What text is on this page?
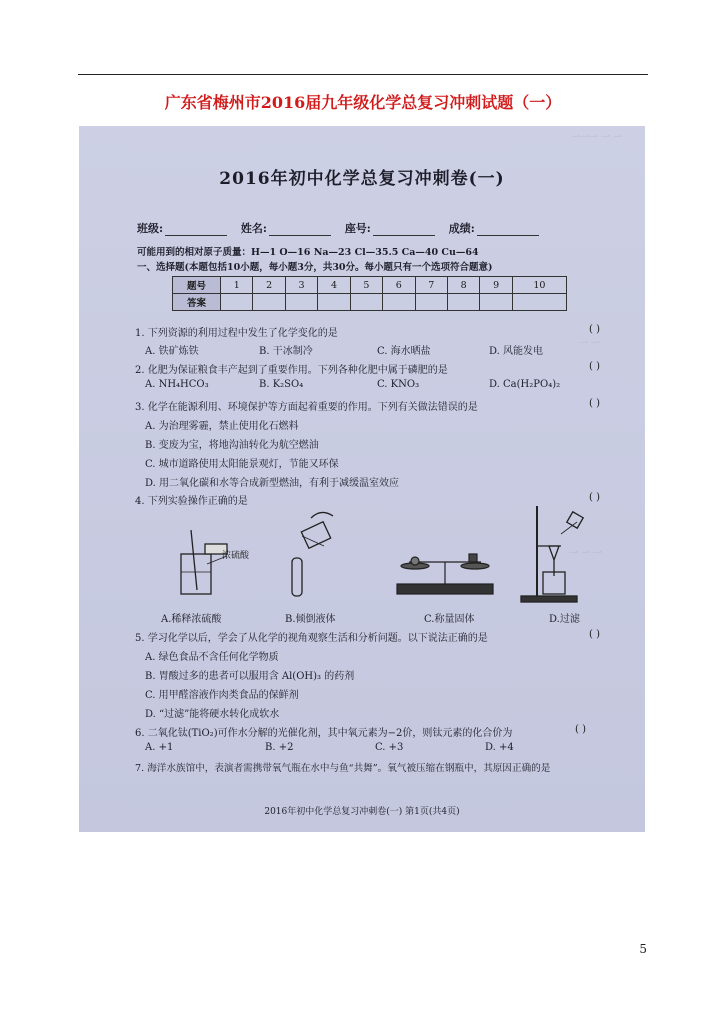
广东省梅州市2016届九年级化学总复习冲刺试题（一）
一一一 一 一
一 一
一 一 一
2016年初中化学总复习冲刺卷(一)
班级:	姓名:	座号:	成绩:
可能用到的相对原子质量：H—1 O—16 Na—23 Cl—35.5 Ca—40 Cu—64
一、选择题(本题包括10小题，每小题3分，共30分。每小题只有一个选项符合题意)
题号	1	2	3	4	5	6	7	8	9	10
答案										
1. 下列资源的利用过程中发生了化学变化的是	( )
A. 铁矿炼铁	B. 干冰制冷	C. 海水晒盐	D. 风能发电
2. 化肥为保证粮食丰产起到了重要作用。下列各种化肥中属于磷肥的是	( )
A. NH₄HCO₃	B. K₂SO₄	C. KNO₃	D. Ca(H₂PO₄)₂
3. 化学在能源利用、环境保护等方面起着重要的作用。下列有关做法错误的是	( )
A. 为治理雾霾，禁止使用化石燃料
B. 变废为宝，将地沟油转化为航空燃油
C. 城市道路使用太阳能景观灯，节能又环保
D. 用二氧化碳和水等合成新型燃油，有利于减缓温室效应
4. 下列实验操作正确的是	( )
浓硫酸
A.稀释浓硫酸	B.倾倒液体	C.称量固体	D.过滤
5. 学习化学以后，学会了从化学的视角观察生活和分析问题。以下说法正确的是	( )
A. 绿色食品不含任何化学物质
B. 胃酸过多的患者可以服用含 Al(OH)₃ 的药剂
C. 用甲醛溶液作肉类食品的保鲜剂
D. “过滤”能将硬水转化成软水
6. 二氧化钛(TiO₂)可作水分解的光催化剂，其中氧元素为−2价，则钛元素的化合价为	( )
A. +1	B. +2	C. +3	D. +4
7. 海洋水族馆中，表演者需携带氧气瓶在水中与鱼“共舞”。氧气被压缩在钢瓶中，其原因正确的是
2016年初中化学总复习冲刺卷(一) 第1页(共4页)
5
